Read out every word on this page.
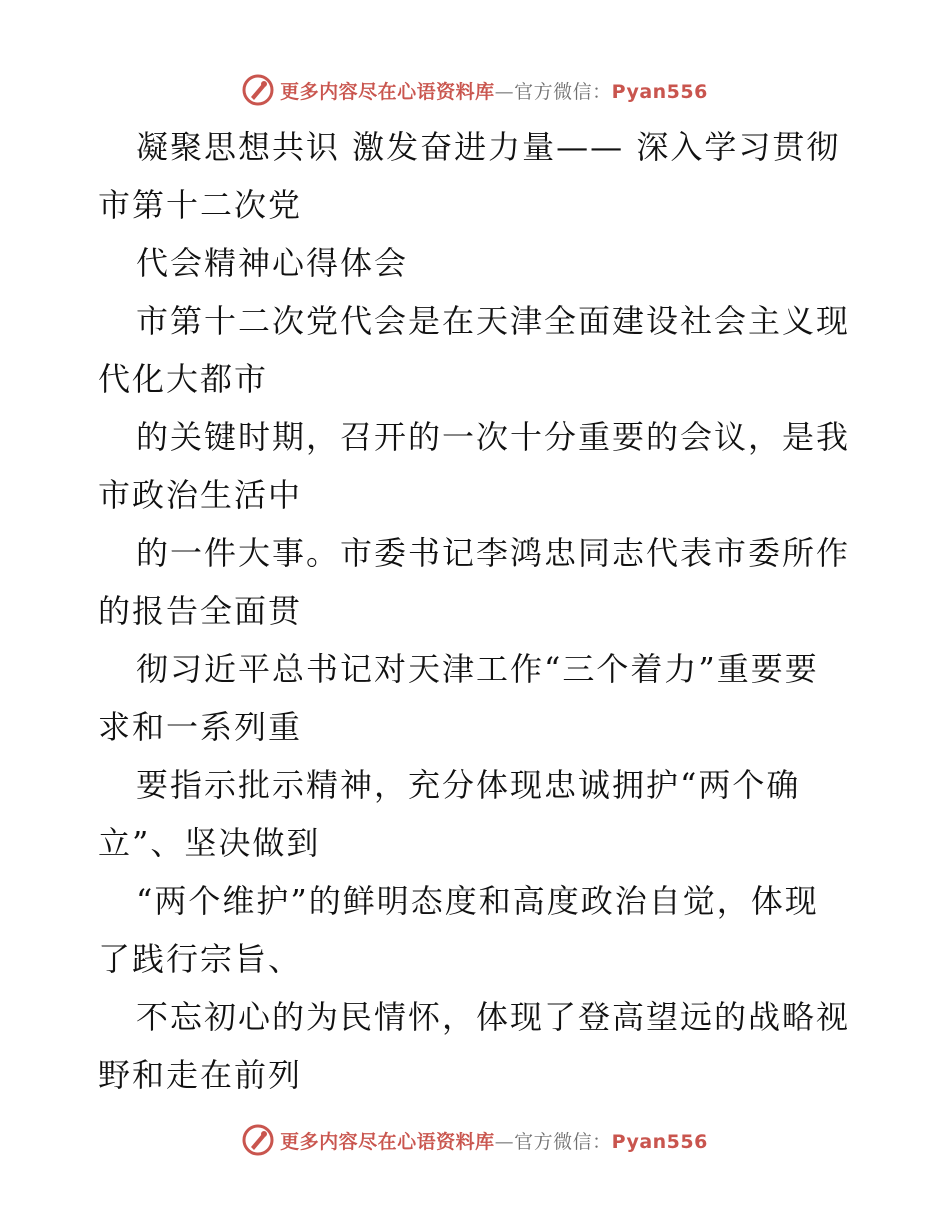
更多内容尽在心语资料库—官方微信：Pyan556
凝聚思想共识 激发奋进力量—— 深入学习贯彻
市第十二次党
代会精神心得体会
市第十二次党代会是在天津全面建设社会主义现
代化大都市
的关键时期，召开的一次十分重要的会议，是我
市政治生活中
的一件大事。市委书记李鸿忠同志代表市委所作
的报告全面贯
彻习近平总书记对天津工作“三个着力”重要要
求和一系列重
要指示批示精神，充分体现忠诚拥护“两个确
立”、坚决做到
“两个维护”的鲜明态度和高度政治自觉，体现
了践行宗旨、
不忘初心的为民情怀，体现了登高望远的战略视
野和走在前列
更多内容尽在心语资料库—官方微信：Pyan556
